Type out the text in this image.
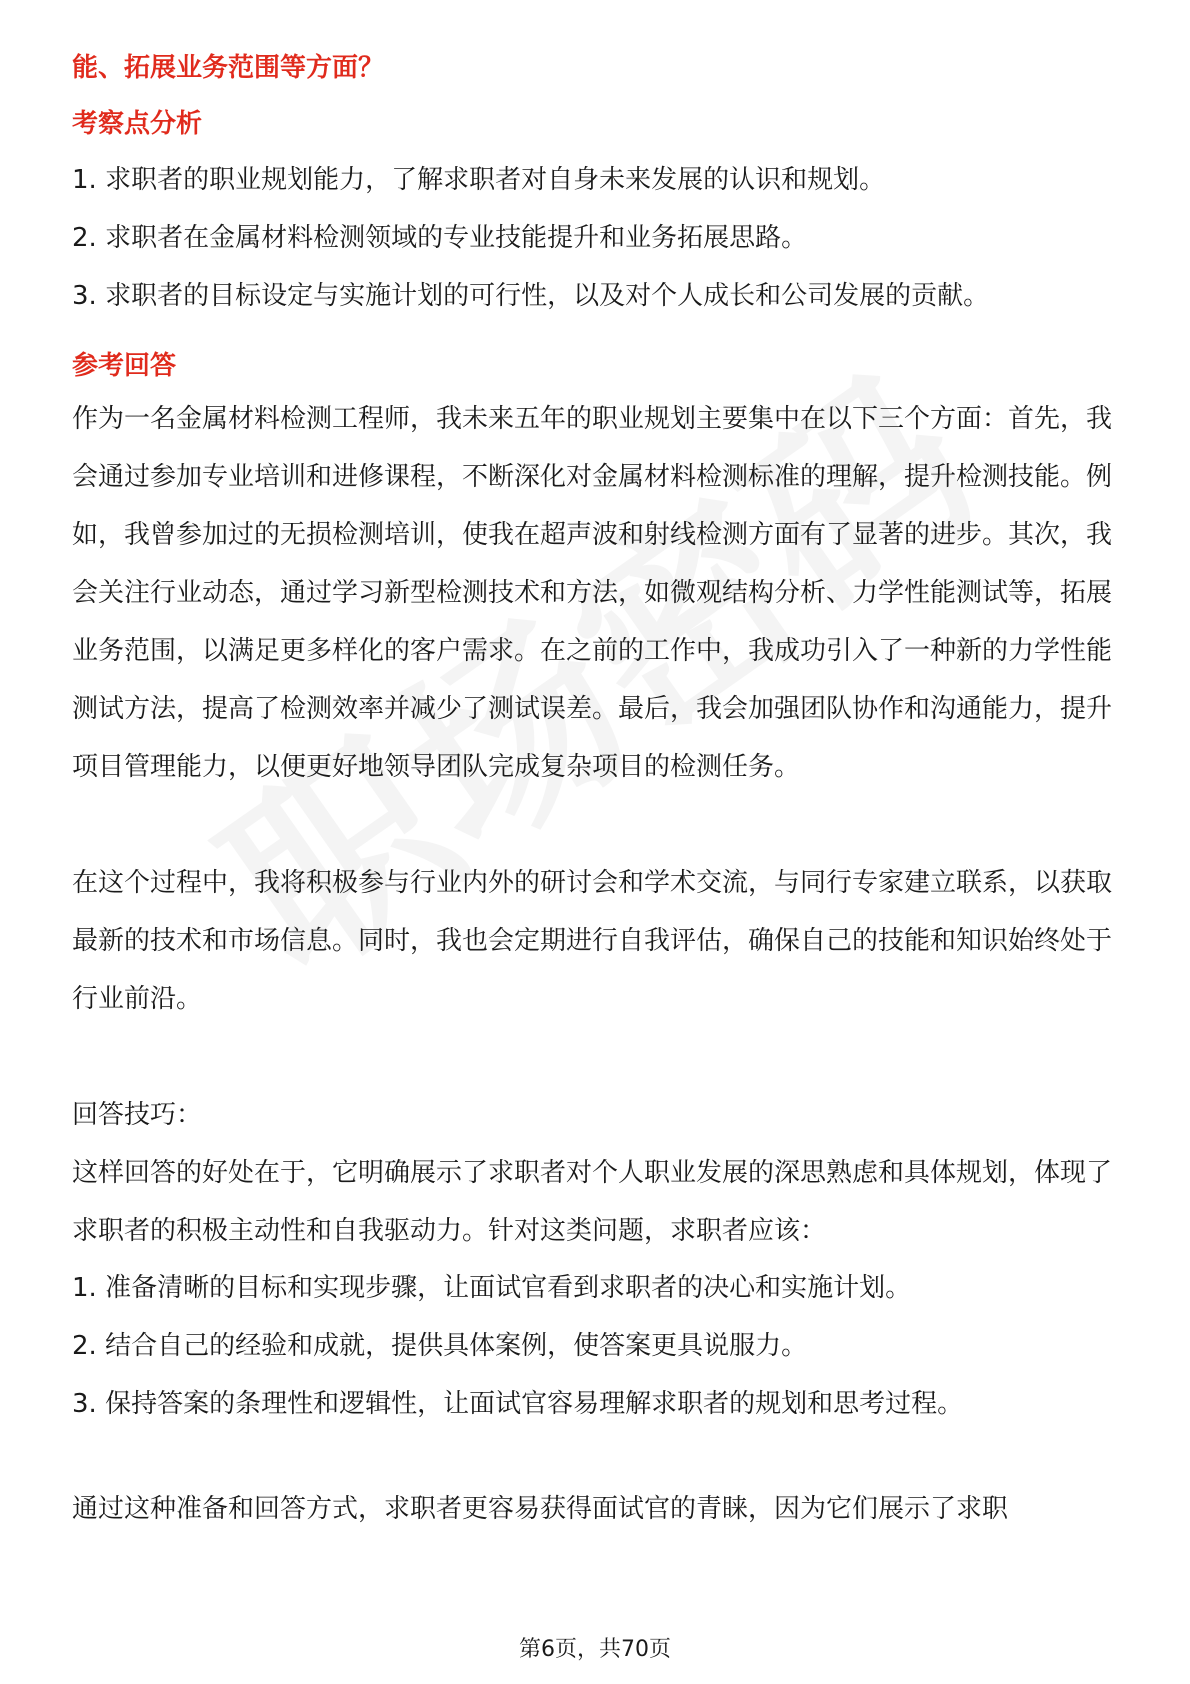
能、拓展业务范围等方面？
考察点分析

1. 求职者的职业规划能力，了解求职者对自身未来发展的认识和规划。

2. 求职者在金属材料检测领域的专业技能提升和业务拓展思路。

3. 求职者的目标设定与实施计划的可行性，以及对个人成长和公司发展的贡献。

参考回答

作为一名金属材料检测工程师，我未来五年的职业规划主要集中在以下三个方面：首先，我会通过参加专业培训和进修课程，不断深化对金属材料检测标准的理解，提升检测技能。例如，我曾参加过的无损检测培训，使我在超声波和射线检测方面有了显著的进步。其次，我会关注行业动态，通过学习新型检测技术和方法，如微观结构分析、力学性能测试等，拓展业务范围，以满足更多样化的客户需求。在之前的工作中，我成功引入了一种新的力学性能测试方法，提高了检测效率并减少了测试误差。最后，我会加强团队协作和沟通能力，提升项目管理能力，以便更好地领导团队完成复杂项目的检测任务。

在这个过程中，我将积极参与行业内外的研讨会和学术交流，与同行专家建立联系，以获取最新的技术和市场信息。同时，我也会定期进行自我评估，确保自己的技能和知识始终处于行业前沿。

回答技巧：

这样回答的好处在于，它明确展示了求职者对个人职业发展的深思熟虑和具体规划，体现了求职者的积极主动性和自我驱动力。针对这类问题，求职者应该：

1. 准备清晰的目标和实现步骤，让面试官看到求职者的决心和实施计划。

2. 结合自己的经验和成就，提供具体案例，使答案更具说服力。

3. 保持答案的条理性和逻辑性，让面试官容易理解求职者的规划和思考过程。

通过这种准备和回答方式，求职者更容易获得面试官的青睐，因为它们展示了求职

第6页，共70页
